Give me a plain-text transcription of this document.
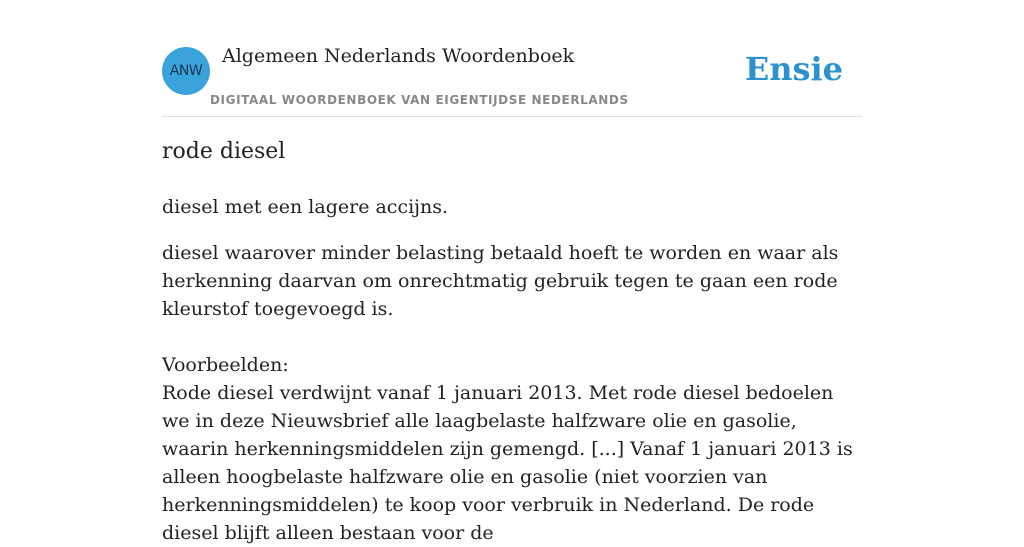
ANW
Algemeen Nederlands Woordenboek
DIGITAAL WOORDENBOEK VAN EIGENTIJDSE NEDERLANDS
Ensie
rode diesel
diesel met een lagere accijns.

diesel waarover minder belasting betaald hoeft te worden en waar als herkenning daarvan om onrechtmatig gebruik tegen te gaan een rode kleurstof toegevoegd is.

Voorbeelden:

Rode diesel verdwijnt vanaf 1 januari 2013. Met rode diesel bedoelen we in deze Nieuwsbrief alle laagbelaste halfzware olie en gasolie, waarin herkenningsmiddelen zijn gemengd. [...] Vanaf 1 januari 2013 is alleen hoogbelaste halfzware olie en gasolie (niet voorzien van herkenningsmiddelen) te koop voor verbruik in Nederland. De rode diesel blijft alleen bestaan voor de
